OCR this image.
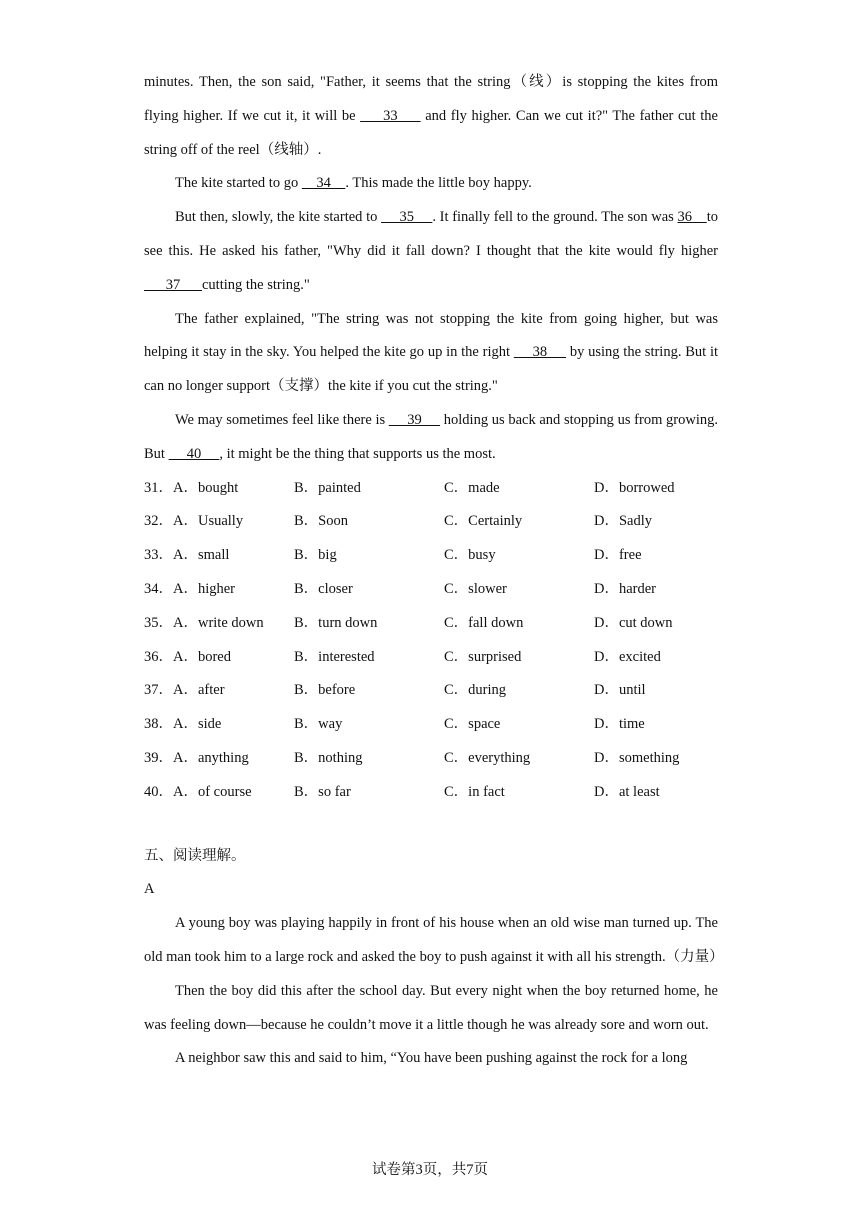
minutes. Then, the son said, "Father, it seems that the string（线）is stopping the kites from flying higher. If we cut it, it will be      33      and fly higher. Can we cut it?" The father cut the string off of the reel（线轴）.

The kite started to go     34    . This made the little boy happy.

But then, slowly, the kite started to      35     . It finally fell to the ground. The son was 36    to see this. He asked his father, "Why did it fall down? I thought that the kite would fly higher       37      cutting the string."

The father explained, "The string was not stopping the kite from going higher, but was helping it stay in the sky. You helped the kite go up in the right      38      by using the string. But it can no longer support（支撑）the kite if you cut the string."

We may sometimes feel like there is      39      holding us back and stopping us from growing. But      40     , it might be the thing that supports us the most.

31．A．bought	B．painted	C．made	D．borrowed
32．A．Usually	B．Soon	C．Certainly	D．Sadly
33．A．small	B．big	C．busy	D．free
34．A．higher	B．closer	C．slower	D．harder
35．A．write down B．turn down	C．fall down	D．cut down
36．A．bored	B．interested	C．surprised	D．excited
37．A．after	B．before	C．during	D．until
38．A．side	B．way	C．space	D．time
39．A．anything	B．nothing	C．everything	D．something
40．A．of course	B．so far	C．in fact	D．at least
五、阅读理解。
A

A young boy was playing happily in front of his house when an old wise man turned up. The old man took him to a large rock and asked the boy to push against it with all his strength.（力量）

Then the boy did this after the school day. But every night when the boy returned home, he was feeling down—because he couldn’t move it a little though he was already sore and worn out.

A neighbor saw this and said to him, “You have been pushing against the rock for a long

试卷第3页，共7页
